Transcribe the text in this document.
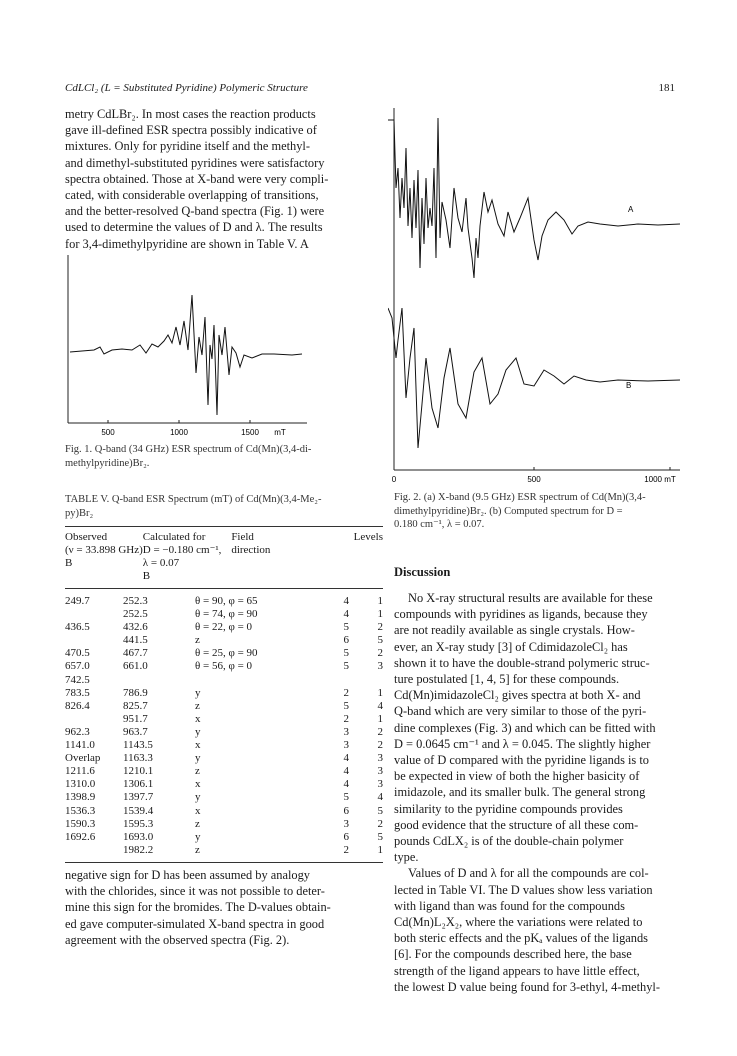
CdLCl₂ (L = Substituted Pyridine) Polymeric Structure	181

metry CdLBr₂. In most cases the reaction products

gave ill-defined ESR spectra possibly indicative of

mixtures. Only for pyridine itself and the methyl-

and dimethyl-substituted pyridines were satisfactory

spectra obtained. Those at X-band were very compli-

cated, with considerable overlapping of transitions,

and the better-resolved Q-band spectra (Fig. 1) were

used to determine the values of D and λ. The results

for 3,4-dimethylpyridine are shown in Table V. A

500	1000	1500 mT
Fig. 1. Q-band (34 GHz) ESR spectrum of Cd(Mn)(3,4-di-
methylpyridine)Br₂.
TABLE V. Q-band ESR Spectrum (mT) of Cd(Mn)(3,4-Me₂-
py)Br₂
Observed	Calculated for	Field	Levels
(ν = 33.898 GHz)	D = −0.180 cm⁻¹,	direction	
B	λ = 0.07		
	B		
249.7	252.3	θ = 90, φ = 65	4	1
	252.5	θ = 74, φ = 90	4	1
436.5	432.6	θ = 22, φ = 0	5	2
	441.5	z	6	5
470.5	467.7	θ = 25, φ = 90	5	2
657.0	661.0	θ = 56, φ = 0	5	3
742.5				
783.5	786.9	y	2	1
826.4	825.7	z	5	4
	951.7	x	2	1
962.3	963.7	y	3	2
1141.0	1143.5	x	3	2
Overlap	1163.3	y	4	3
1211.6	1210.1	z	4	3
1310.0	1306.1	x	4	3
1398.9	1397.7	y	5	4
1536.3	1539.4	x	6	5
1590.3	1595.3	z	3	2
1692.6	1693.0	y	6	5
	1982.2	z	2	1

negative sign for D has been assumed by analogy

with the chlorides, since it was not possible to deter-

mine this sign for the bromides. The D-values obtain-

ed gave computer-simulated X-band spectra in good

agreement with the observed spectra (Fig. 2).

A
B
0	500	1000 mT
Fig. 2. (a) X-band (9.5 GHz) ESR spectrum of Cd(Mn)(3,4-
dimethylpyridine)Br₂. (b) Computed spectrum for D =
0.180 cm⁻¹, λ = 0.07.
Discussion

No X-ray structural results are available for these

compounds with pyridines as ligands, because they

are not readily available as single crystals. How-

ever, an X-ray study [3] of CdimidazoleCl₂ has

shown it to have the double-strand polymeric struc-

ture postulated [1, 4, 5] for these compounds.

Cd(Mn)imidazoleCl₂ gives spectra at both X- and

Q-band which are very similar to those of the pyri-

dine complexes (Fig. 3) and which can be fitted with

D = 0.0645 cm⁻¹ and λ = 0.045. The slightly higher

value of D compared with the pyridine ligands is to

be expected in view of both the higher basicity of

imidazole, and its smaller bulk. The general strong

similarity to the pyridine compounds provides

good evidence that the structure of all these com-

pounds CdLX₂ is of the double-chain polymer

type.

Values of D and λ for all the compounds are col-

lected in Table VI. The D values show less variation

with ligand than was found for the compounds

Cd(Mn)L₂X₂, where the variations were related to

both steric effects and the pKₐ values of the ligands

[6]. For the compounds described here, the base

strength of the ligand appears to have little effect,

the lowest D value being found for 3-ethyl, 4-methyl-
